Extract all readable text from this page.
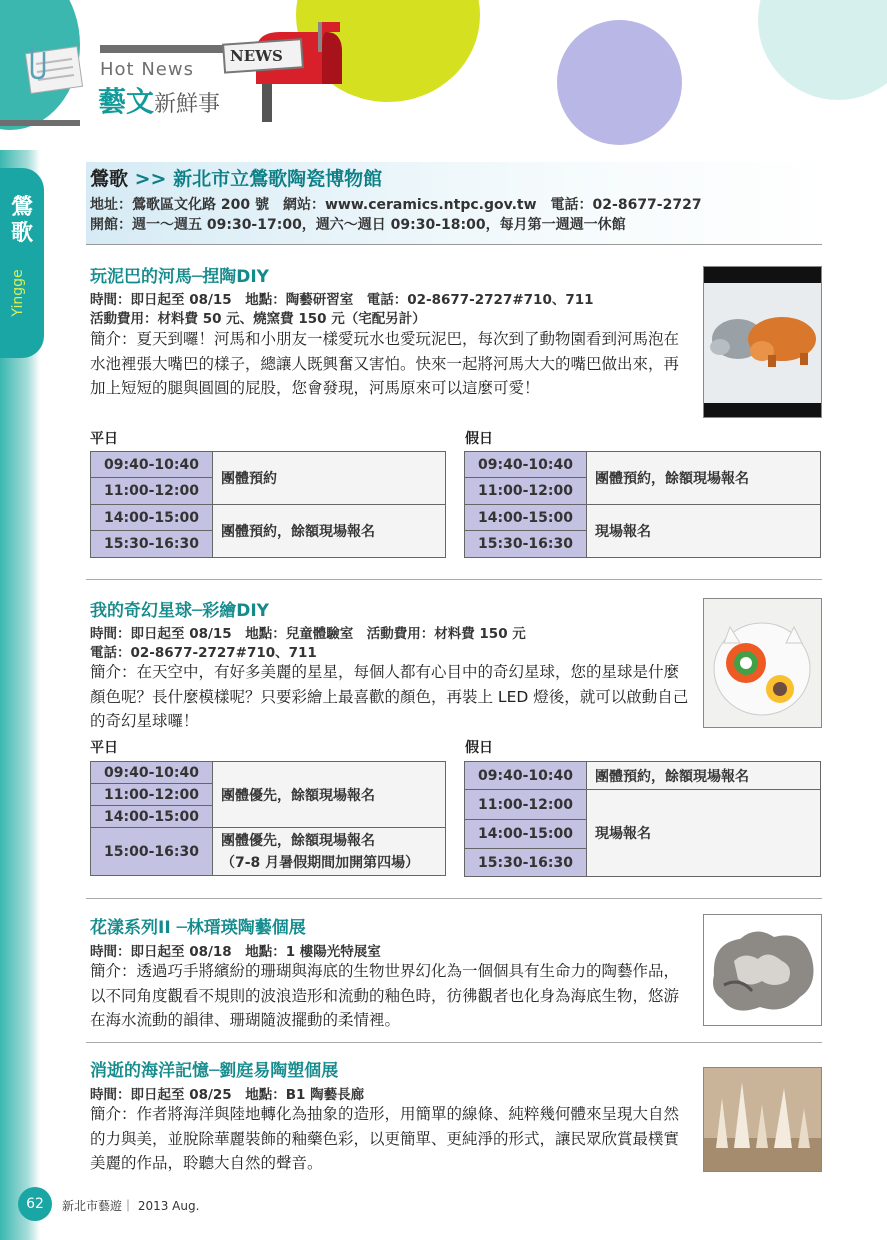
鶯歌
Yingge
Hot News
藝文新鮮事
NEWS
鶯歌 >> 新北市立鶯歌陶瓷博物館
地址：鶯歌區文化路 200 號　網站：www.ceramics.ntpc.gov.tw　電話：02-8677-2727
開館：週一～週五 09:30-17:00，週六～週日 09:30-18:00，每月第一週週一休館
玩泥巴的河馬─捏陶DIY
時間：即日起至 08/15　地點：陶藝研習室　電話：02-8677-2727#710、711
活動費用：材料費 50 元、燒窯費 150 元（宅配另計）
簡介：夏天到囉！河馬和小朋友一樣愛玩水也愛玩泥巴，每次到了動物園看到河馬泡在水池裡張大嘴巴的樣子，總讓人既興奮又害怕。快來一起將河馬大大的嘴巴做出來，再加上短短的腿與圓圓的屁股，您會發現，河馬原來可以這麼可愛！
平日	假日
09:40-10:40	團體預約
11:00-12:00	
14:00-15:00	團體預約，餘額現場報名
15:30-16:30	
09:40-10:40	團體預約，餘額現場報名
11:00-12:00	
14:00-15:00	現場報名
15:30-16:30	
我的奇幻星球─彩繪DIY
時間：即日起至 08/15　地點：兒童體驗室　活動費用：材料費 150 元
電話：02-8677-2727#710、711
簡介：在天空中，有好多美麗的星星，每個人都有心目中的奇幻星球，您的星球是什麼顏色呢？長什麼模樣呢？只要彩繪上最喜歡的顏色，再裝上 LED 燈後，就可以啟動自己的奇幻星球囉！
平日	假日
09:40-10:40	團體優先，餘額現場報名
11:00-12:00	
14:00-15:00	
15:00-16:30	團體優先，餘額現場報名
（7-8 月暑假期間加開第四場）
09:40-10:40	團體預約，餘額現場報名
11:00-12:00	現場報名
14:00-15:00	
15:30-16:30	
花漾系列II ─林瑨瑛陶藝個展
時間：即日起至 08/18　地點：1 樓陽光特展室
簡介：透過巧手將繽紛的珊瑚與海底的生物世界幻化為一個個具有生命力的陶藝作品，以不同角度觀看不規則的波浪造形和流動的釉色時，彷彿觀者也化身為海底生物，悠游在海水流動的韻律、珊瑚隨波擺動的柔情裡。
消逝的海洋記憶─劉庭易陶塑個展
時間：即日起至 08/25　地點：B1 陶藝長廊
簡介：作者將海洋與陸地轉化為抽象的造形，用簡單的線條、純粹幾何體來呈現大自然的力與美，並脫除華麗裝飾的釉藥色彩，以更簡單、更純淨的形式，讓民眾欣賞最樸實美麗的作品，聆聽大自然的聲音。
62	新北市藝遊｜ 2013 Aug.
